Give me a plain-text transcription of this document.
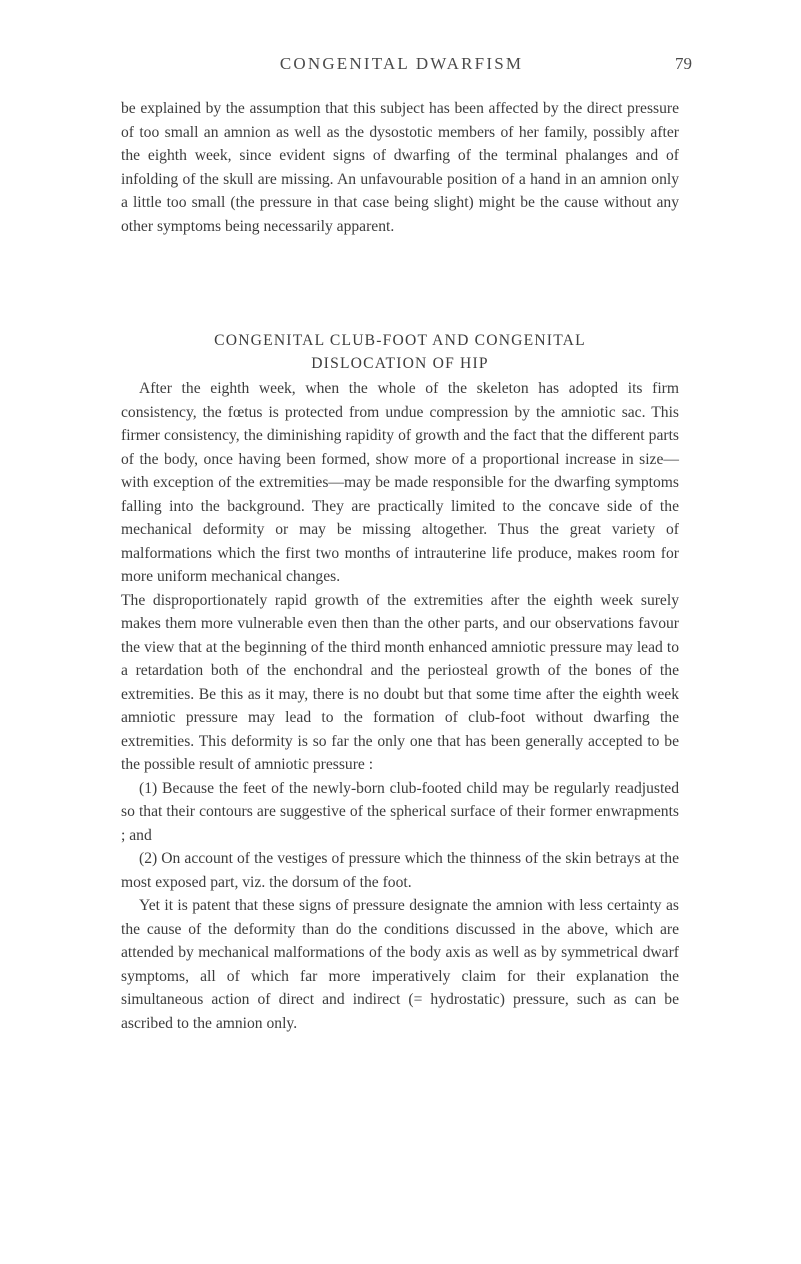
CONGENITAL DWARFISM	79

be explained by the assumption that this subject has been affected by the direct pressure of too small an amnion as well as the dysostotic members of her family, possibly after the eighth week, since evident signs of dwarfing of the terminal phalanges and of infolding of the skull are missing. An unfavourable position of a hand in an amnion only a little too small (the pressure in that case being slight) might be the cause without any other symptoms being necessarily apparent.

CONGENITAL CLUB-FOOT AND CONGENITAL
DISLOCATION OF HIP

After the eighth week, when the whole of the skeleton has adopted its firm consistency, the fœtus is protected from undue compression by the amniotic sac. This firmer consistency, the diminishing rapidity of growth and the fact that the different parts of the body, once having been formed, show more of a proportional increase in size—with exception of the extremities—may be made responsible for the dwarfing symptoms falling into the background. They are practically limited to the concave side of the mechanical deformity or may be missing altogether. Thus the great variety of malformations which the first two months of intrauterine life produce, makes room for more uniform mechanical changes.

The disproportionately rapid growth of the extremities after the eighth week surely makes them more vulnerable even then than the other parts, and our observations favour the view that at the beginning of the third month enhanced amniotic pressure may lead to a retardation both of the enchondral and the periosteal growth of the bones of the extremities. Be this as it may, there is no doubt but that some time after the eighth week amniotic pressure may lead to the formation of club-foot without dwarfing the extremities. This deformity is so far the only one that has been generally accepted to be the possible result of amniotic pressure :

(1) Because the feet of the newly-born club-footed child may be regularly readjusted so that their contours are suggestive of the spherical surface of their former enwrapments ; and

(2) On account of the vestiges of pressure which the thinness of the skin betrays at the most exposed part, viz. the dorsum of the foot.

Yet it is patent that these signs of pressure designate the amnion with less certainty as the cause of the deformity than do the conditions discussed in the above, which are attended by mechanical malformations of the body axis as well as by symmetrical dwarf symptoms, all of which far more imperatively claim for their explanation the simultaneous action of direct and indirect (= hydrostatic) pressure, such as can be ascribed to the amnion only.
